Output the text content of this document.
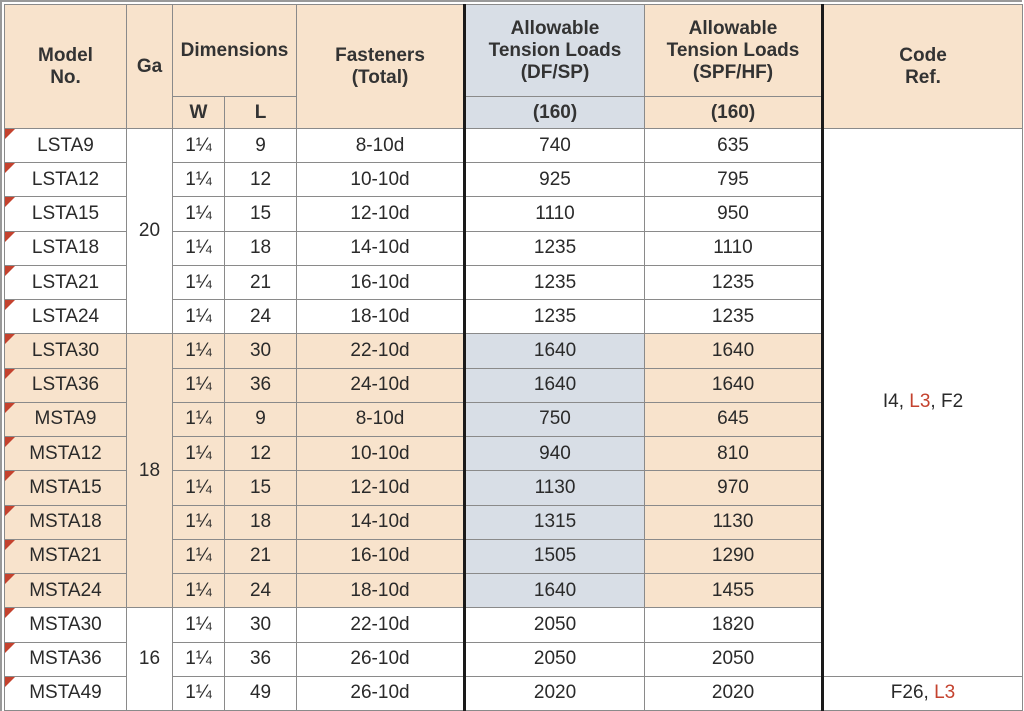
Model No.	Ga	Dimensions		Fasteners (Total)	Allowable Tension Loads (DF/SP)	Allowable Tension Loads (SPF/HF)	Code Ref.
		W	L		(160)	(160)	

LSTA9	20	1¼	9	8-10d	740	635	I4, L3, F2

LSTA12		1¼	12	10-10d	925	795	

LSTA15		1¼	15	12-10d	1110	950	

LSTA18		1¼	18	14-10d	1235	1110	

LSTA21		1¼	21	16-10d	1235	1235	

LSTA24		1¼	24	18-10d	1235	1235	

LSTA30	18	1¼	30	22-10d	1640	1640	

LSTA36		1¼	36	24-10d	1640	1640	

MSTA9		1¼	9	8-10d	750	645	

MSTA12		1¼	12	10-10d	940	810	

MSTA15		1¼	15	12-10d	1130	970	

MSTA18		1¼	18	14-10d	1315	1130	

MSTA21		1¼	21	16-10d	1505	1290	

MSTA24		1¼	24	18-10d	1640	1455	

MSTA30	16	1¼	30	22-10d	2050	1820	

MSTA36		1¼	36	26-10d	2050	2050	

MSTA49		1¼	49	26-10d	2020	2020	F26, L3
